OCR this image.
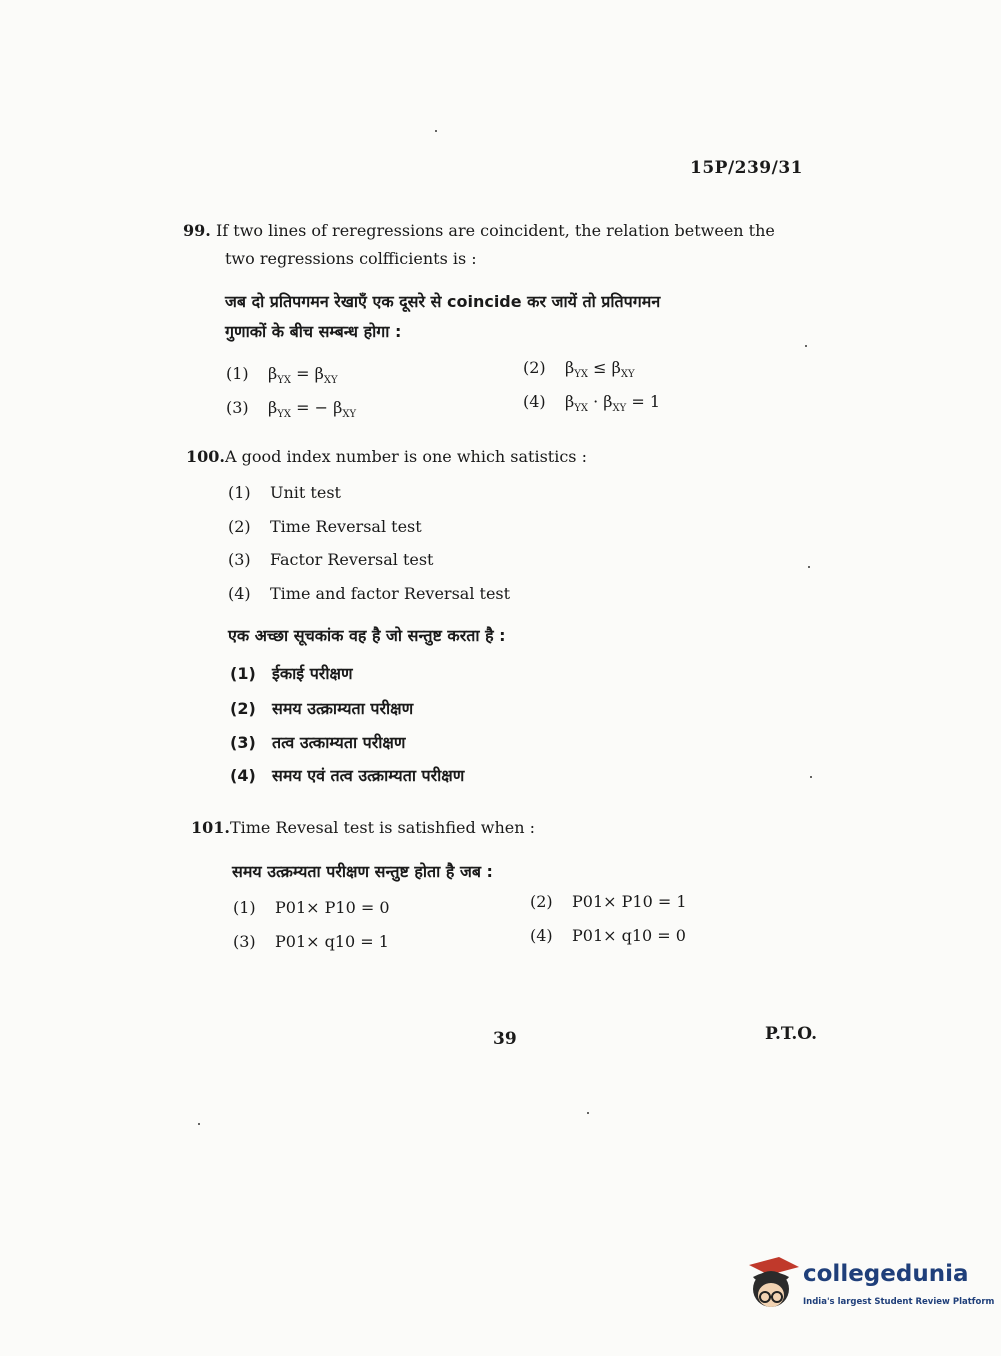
15P/239/31
99. If two lines of reregressions are coincident, the relation between the
two regressions colfficients is :
जब दो प्रतिपगमन रेखाएँ एक दूसरे से coincide कर जायें तो प्रतिपगमन
गुणाकों के बीच सम्बन्ध होगा :
(1) $\beta_{YX} = \beta_{XY}$
(2) $\beta_{YX} \le \beta_{XY}$
(3) $\beta_{YX}$ = − $\beta_{XY}$
(4) $\beta_{YX} \cdot \beta_{XY} = 1$
100.A good index number is one which satistics :
(1) Unit test
(2) Time Reversal test
(3) Factor Reversal test
(4) Time and factor Reversal test
एक अच्छा सूचकांक वह है जो सन्तुष्ट करता है :
(1) ईकाई परीक्षण
(2) समय उत्क्राम्यता परीक्षण
(3) तत्व उत्काम्यता परीक्षण
(4) समय एवं तत्व उत्क्राम्यता परीक्षण
101.Time Revesal test is satishfied when :
समय उत्क्रम्यता परीक्षण सन्तुष्ट होता है जब :
(1) P01× P10 = 0	(2) P01× P10 = 1
(3) P01× q10 = 1	(4) P01× q10 = 0
39	P.T.O.
collegedunia
India's largest Student Review Platform
